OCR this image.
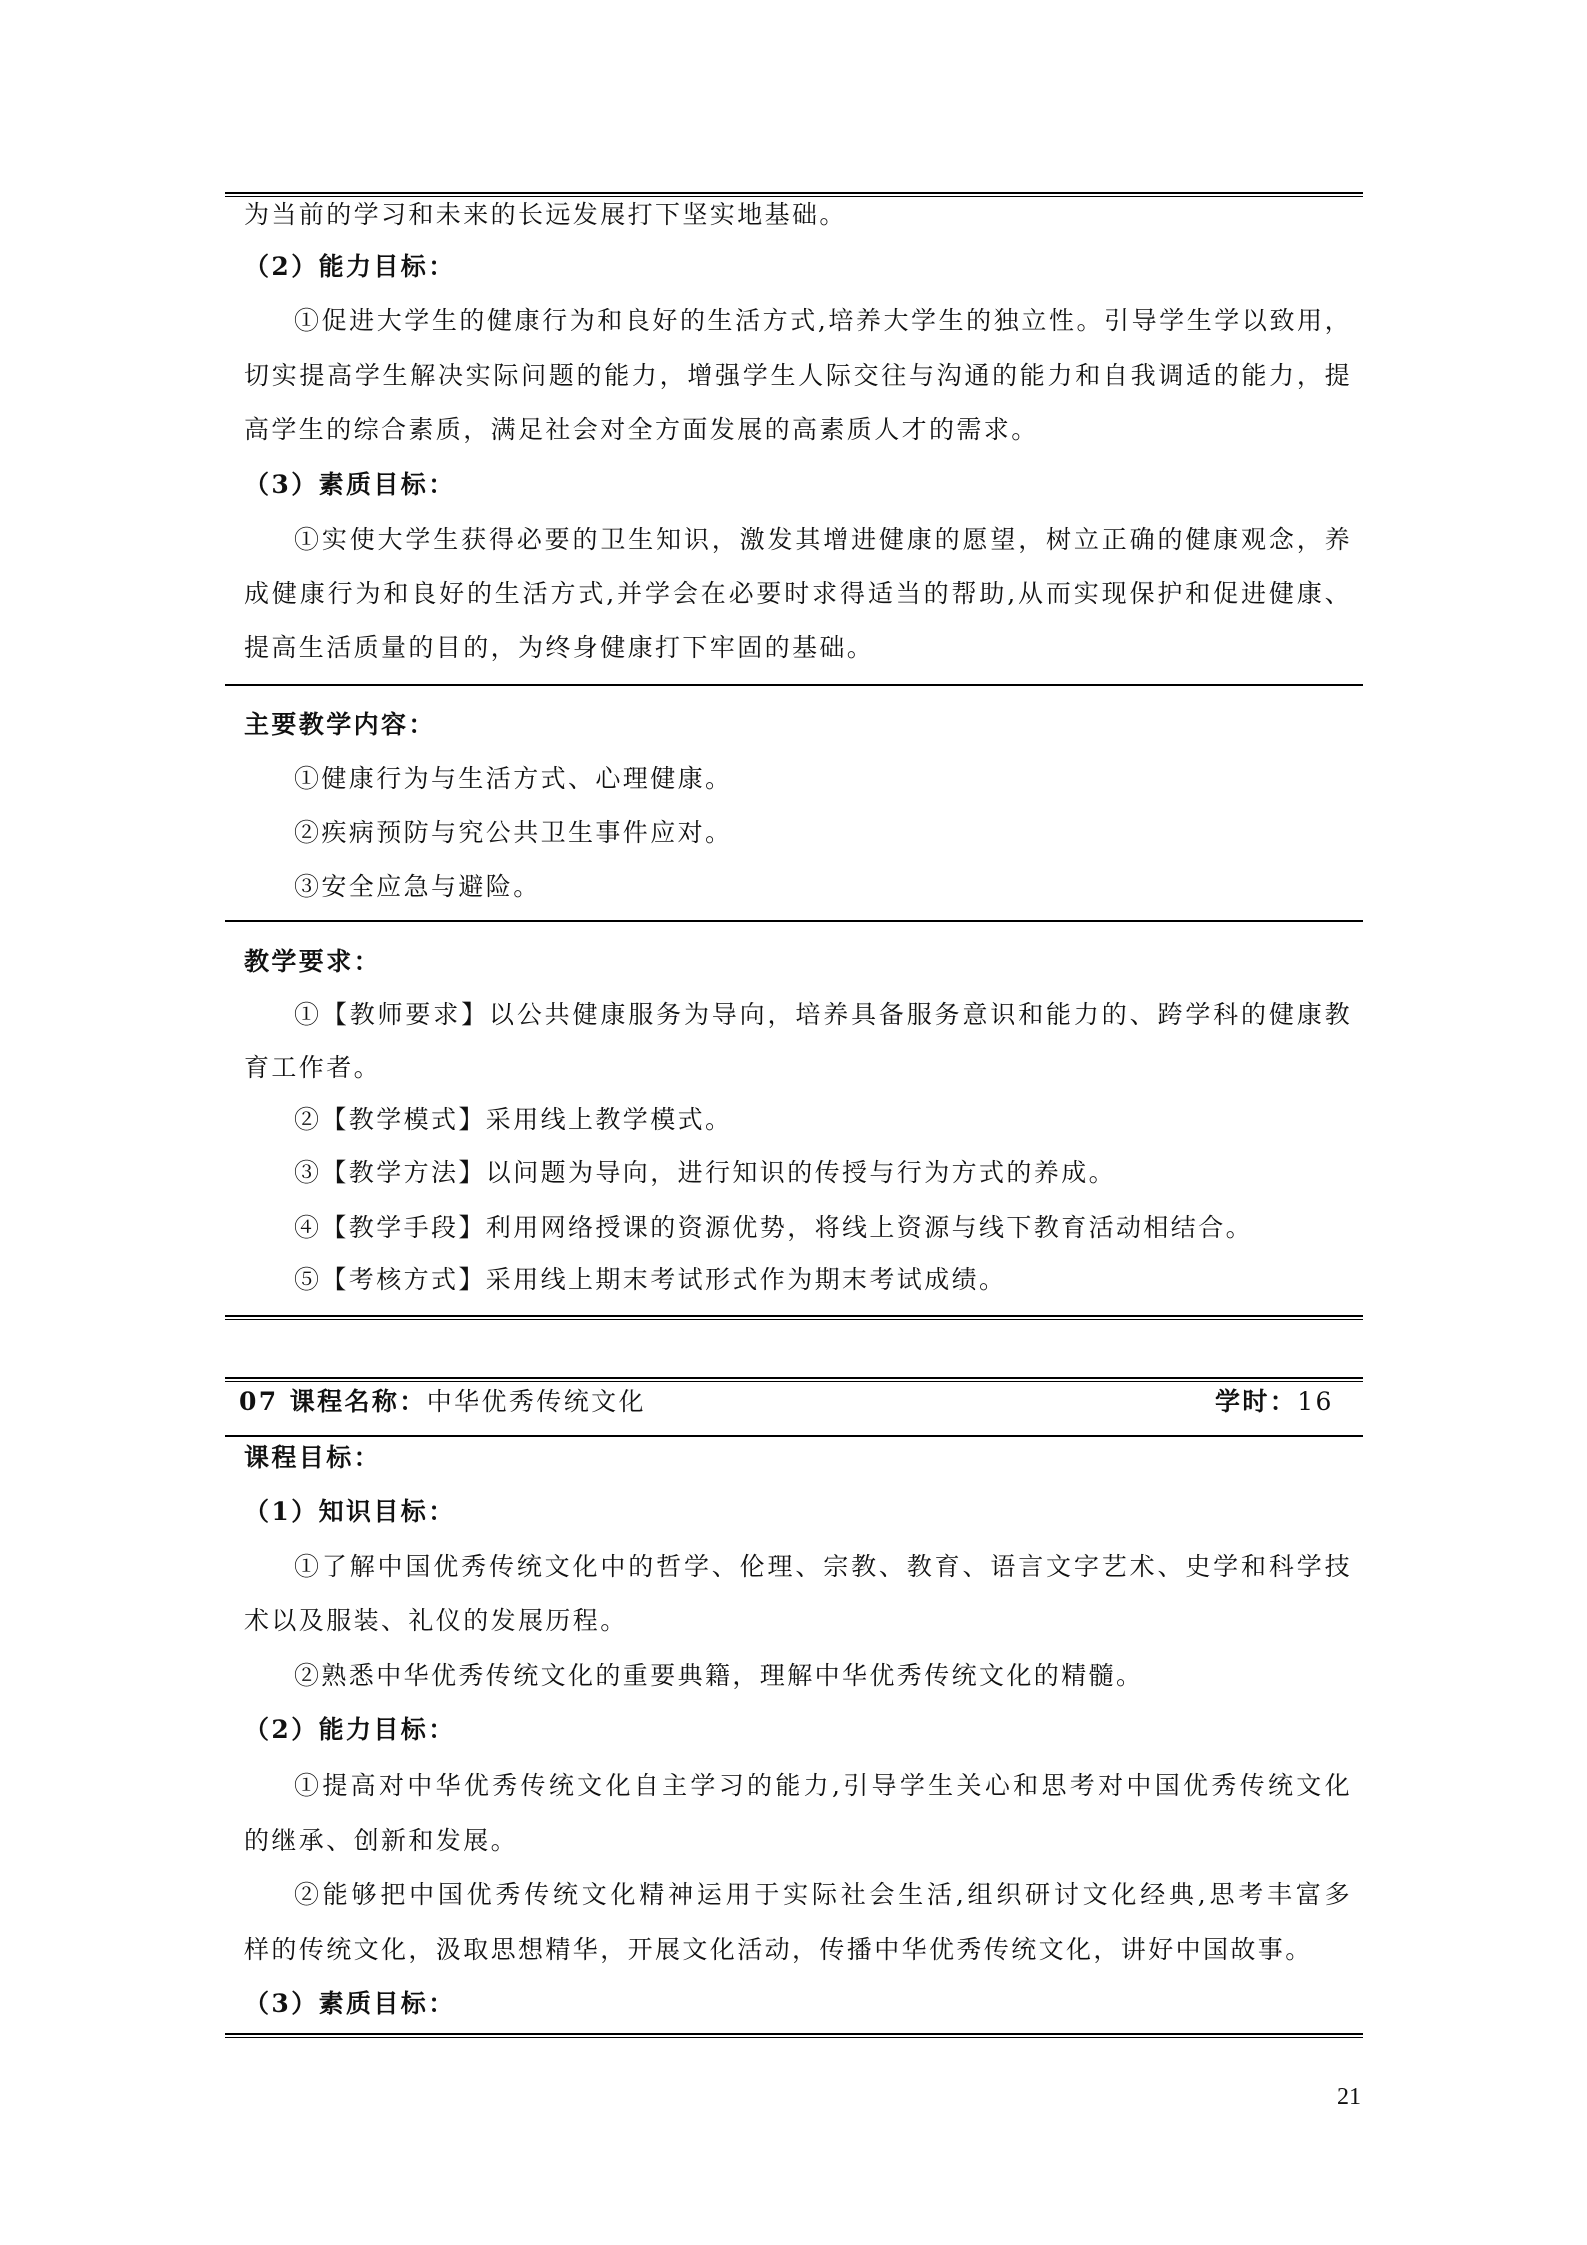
为当前的学习和未来的长远发展打下坚实地基础。
（2）能力目标：
①促进大学生的健康行为和良好的生活方式,培养大学生的独立性。引导学生学以致用，
切实提高学生解决实际问题的能力，增强学生人际交往与沟通的能力和自我调适的能力，提
高学生的综合素质，满足社会对全方面发展的高素质人才的需求。
（3）素质目标：
①实使大学生获得必要的卫生知识，激发其增进健康的愿望，树立正确的健康观念，养
成健康行为和良好的生活方式,并学会在必要时求得适当的帮助,从而实现保护和促进健康、
提高生活质量的目的，为终身健康打下牢固的基础。
主要教学内容：
①健康行为与生活方式、心理健康。
②疾病预防与究公共卫生事件应对。
③安全应急与避险。
教学要求：
①【教师要求】以公共健康服务为导向，培养具备服务意识和能力的、跨学科的健康教
育工作者。
②【教学模式】采用线上教学模式。
③【教学方法】以问题为导向，进行知识的传授与行为方式的养成。
④【教学手段】利用网络授课的资源优势，将线上资源与线下教育活动相结合。
⑤【考核方式】采用线上期末考试形式作为期末考试成绩。
07 课程名称：中华优秀传统文化	学时：16
课程目标：
（1）知识目标：
①了解中国优秀传统文化中的哲学、伦理、宗教、教育、语言文字艺术、史学和科学技
术以及服装、礼仪的发展历程。
②熟悉中华优秀传统文化的重要典籍，理解中华优秀传统文化的精髓。
（2）能力目标：
①提高对中华优秀传统文化自主学习的能力,引导学生关心和思考对中国优秀传统文化
的继承、创新和发展。
②能够把中国优秀传统文化精神运用于实际社会生活,组织研讨文化经典,思考丰富多
样的传统文化，汲取思想精华，开展文化活动，传播中华优秀传统文化，讲好中国故事。
（3）素质目标：
21
